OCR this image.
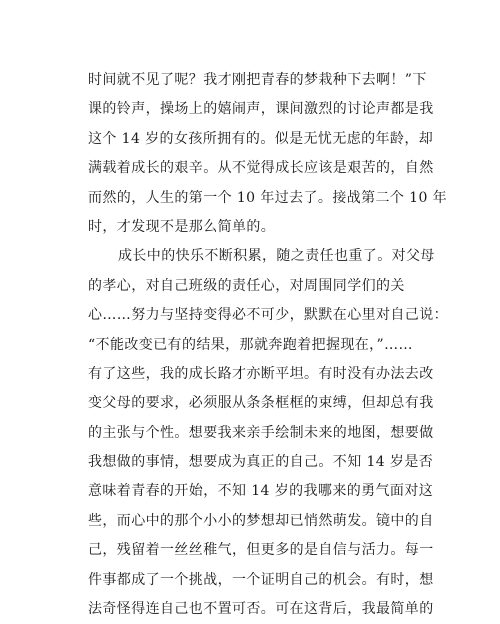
时间就不见了呢？我才刚把青春的梦栽种下去啊！”下
课的铃声，操场上的嬉闹声，课间激烈的讨论声都是我
这个 14 岁的女孩所拥有的。似是无忧无虑的年龄，却
满载着成长的艰辛。从不觉得成长应该是艰苦的，自然
而然的，人生的第一个 10 年过去了。接战第二个 10 年
时，才发现不是那么简单的。
成长中的快乐不断积累，随之责任也重了。对父母
的孝心，对自己班级的责任心，对周围同学们的关
心……努力与坚持变得必不可少，默默在心里对自己说：
“不能改变已有的结果，那就奔跑着把握现在，”……
有了这些，我的成长路才亦断平坦。有时没有办法去改
变父母的要求，必须服从条条框框的束缚，但却总有我
的主张与个性。想要我来亲手绘制未来的地图，想要做
我想做的事情，想要成为真正的自己。不知 14 岁是否
意味着青春的开始，不知 14 岁的我哪来的勇气面对这
些，而心中的那个小小的梦想却已悄然萌发。镜中的自
己，残留着一丝丝稚气，但更多的是自信与活力。每一
件事都成了一个挑战，一个证明自己的机会。有时，想
法奇怪得连自己也不置可否。可在这背后，我最简单的
